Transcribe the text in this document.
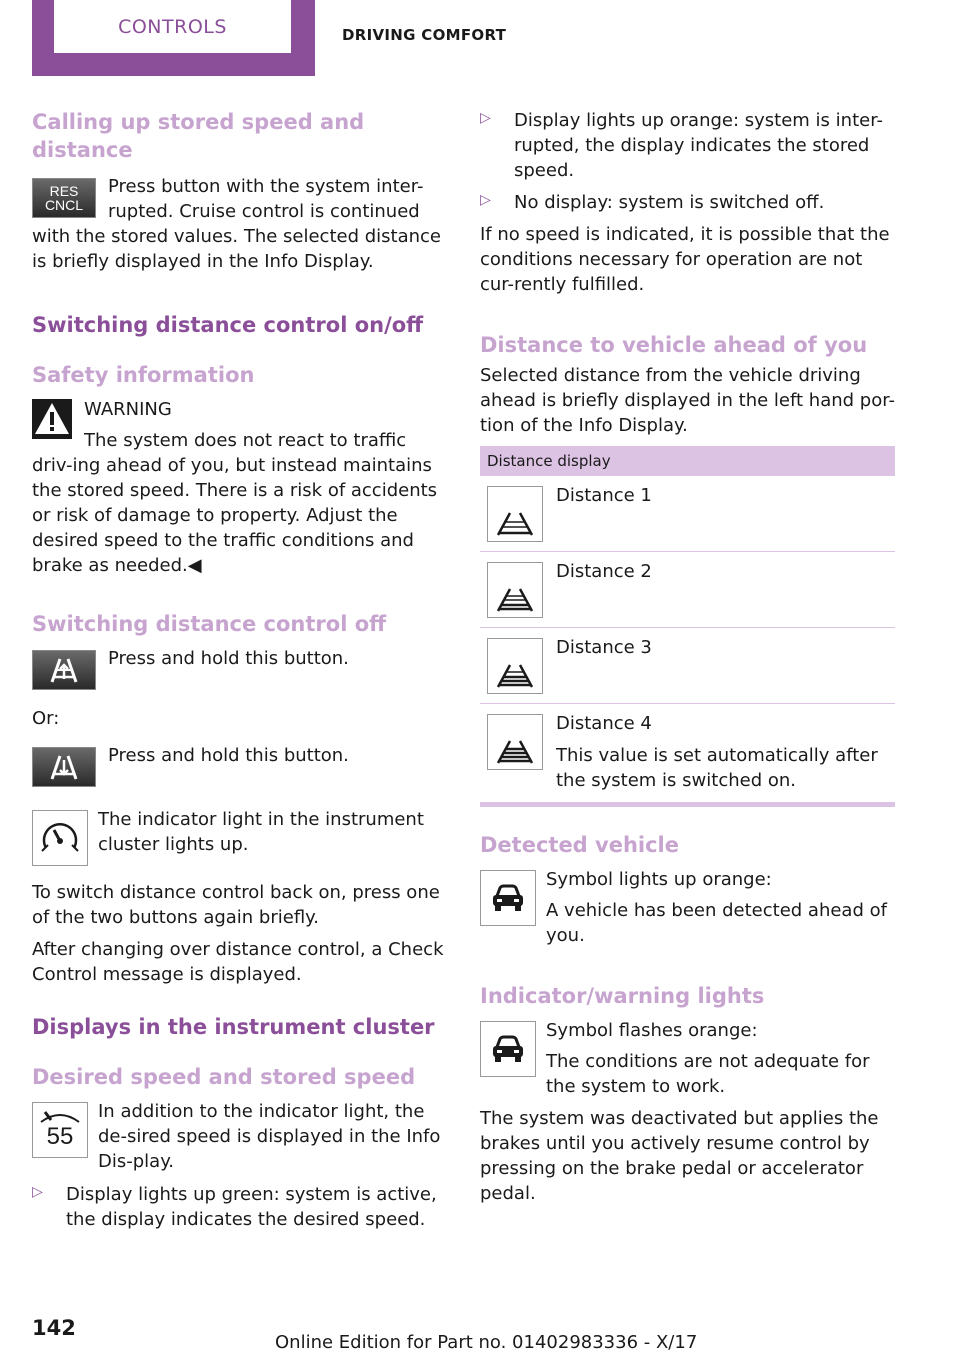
CONTROLS	DRIVING COMFORT
Calling up stored speed and distance
RES
CNCL

Press button with the system inter-rupted. Cruise control is continued with the stored values. The selected distance is briefly displayed in the Info Display.

Switching distance control on/off
Safety information

WARNING

The system does not react to traffic driv-ing ahead of you, but instead maintains the stored speed. There is a risk of accidents or risk of damage to property. Adjust the desired speed to the traffic conditions and brake as needed.◀

Switching distance control off

Press and hold this button.

Or:

Press and hold this button.

The indicator light in the instrument cluster lights up.

To switch distance control back on, press one of the two buttons again briefly.

After changing over distance control, a Check Control message is displayed.

Displays in the instrument cluster
Desired speed and stored speed
55

In addition to the indicator light, the de-sired speed is displayed in the Info Dis-play.

▷	Display lights up green: system is active, the display indicates the desired speed.

▷	Display lights up orange: system is inter-rupted, the display indicates the stored speed.

▷	No display: system is switched off.

If no speed is indicated, it is possible that the conditions necessary for operation are not cur-rently fulfilled.

Distance to vehicle ahead of you

Selected distance from the vehicle driving ahead is briefly displayed in the left hand por-tion of the Info Display.

Distance display

Distance 1

Distance 2

Distance 3

Distance 4

This value is set automatically after the system is switched on.

Detected vehicle

Symbol lights up orange:

A vehicle has been detected ahead of you.

Indicator/warning lights

Symbol flashes orange:

The conditions are not adequate for the system to work.

The system was deactivated but applies the brakes until you actively resume control by pressing on the brake pedal or accelerator pedal.

142
Online Edition for Part no. 01402983336 - X/17
